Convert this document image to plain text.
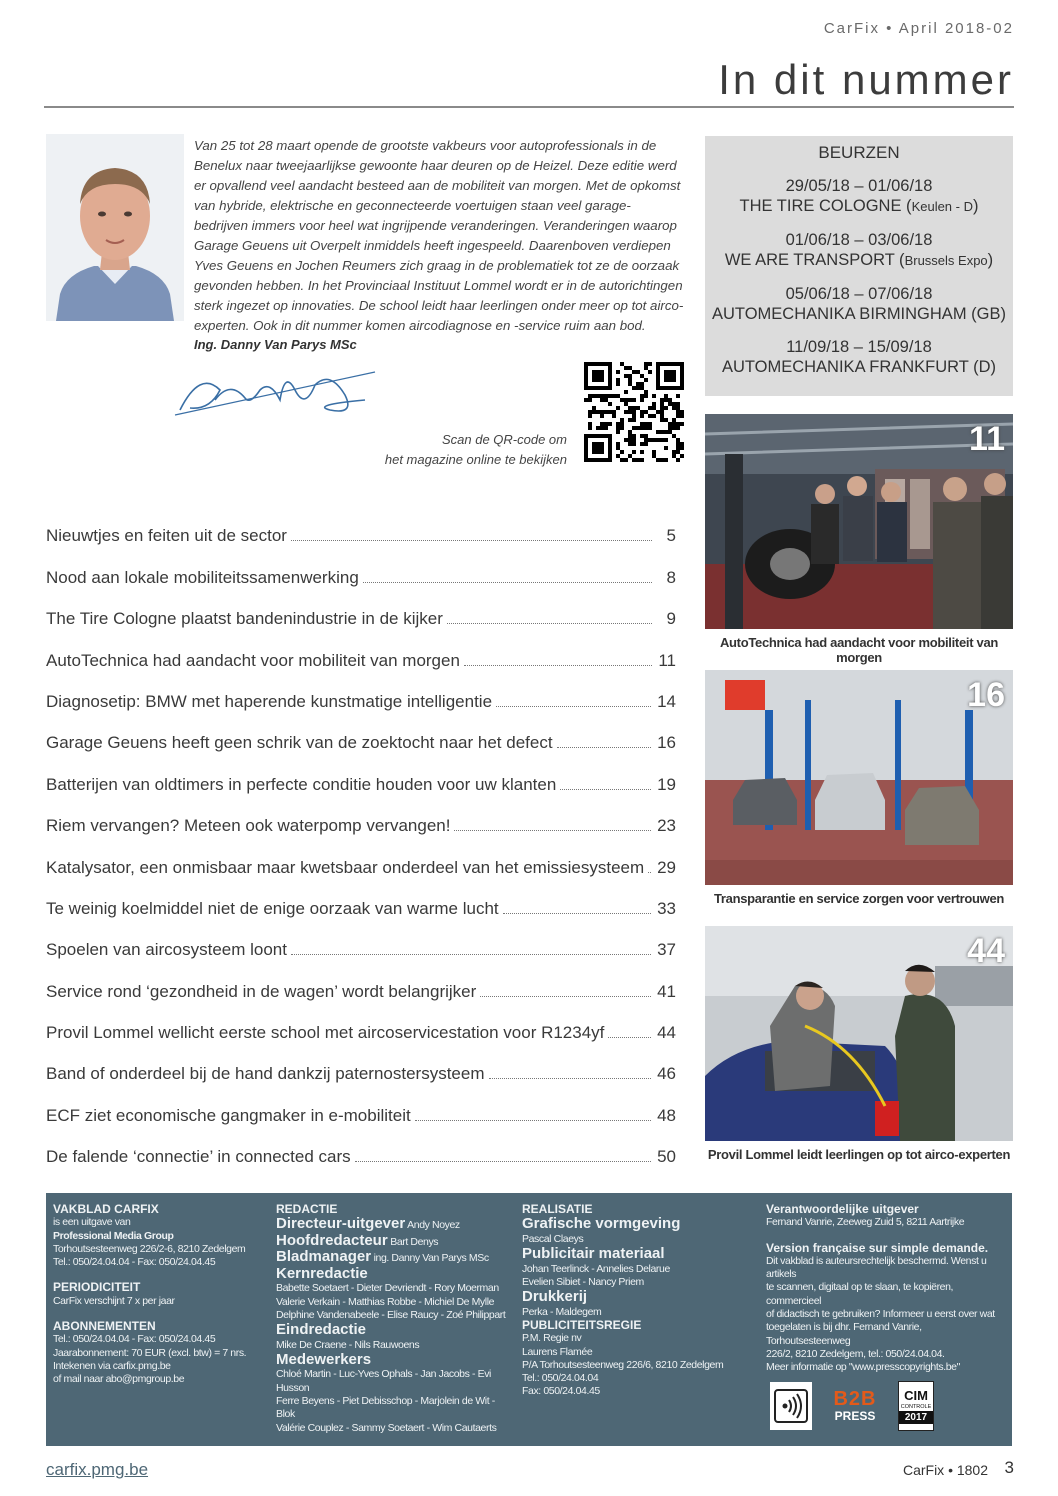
CarFix • April 2018-02
In dit nummer

Van 25 tot 28 maart opende de grootste vakbeurs voor autoprofessionals in de Benelux naar tweejaarlijkse gewoonte haar deuren op de Heizel. Deze editie werd er opvallend veel aandacht besteed aan de mobiliteit van morgen. Met de opkomst van hybride, elektrische en geconnecteerde voertuigen staan veel garage-bedrijven immers voor heel wat ingrijpende veranderingen. Veranderingen waarop Garage Geuens uit Overpelt inmiddels heeft ingespeeld. Daarenboven verdiepen Yves Geuens en Jochen Reumers zich graag in de problematiek tot ze de oorzaak gevonden hebben. In het Provinciaal Instituut Lommel wordt er in de autorichtingen sterk ingezet op innovaties. De school leidt haar leerlingen onder meer op tot airco-experten. Ook in dit nummer komen aircodiagnose en -service ruim aan bod.

Ing. Danny Van Parys MSc
Scan de QR-code om
het magazine online te bekijken
Nieuwtjes en feiten uit de sector	5
Nood aan lokale mobiliteitssamenwerking	8
The Tire Cologne plaatst bandenindustrie in de kijker	9
AutoTechnica had aandacht voor mobiliteit van morgen	11
Diagnosetip: BMW met haperende kunstmatige intelligentie	14
Garage Geuens heeft geen schrik van de zoektocht naar het defect	16
Batterijen van oldtimers in perfecte conditie houden voor uw klanten	19
Riem vervangen? Meteen ook waterpomp vervangen!	23
Katalysator, een onmisbaar maar kwetsbaar onderdeel van het emissiesysteem 29
Te weinig koelmiddel niet de enige oorzaak van warme lucht	33
Spoelen van aircosysteem loont	37
Service rond ‘gezondheid in de wagen’ wordt belangrijker	41
Provil Lommel wellicht eerste school met aircoservicestation voor R1234yf	44
Band of onderdeel bij de hand dankzij paternostersysteem	46
ECF ziet economische gangmaker in e-mobiliteit	48
De falende ‘connectie’ in connected cars	50
BEURZEN
29/05/18 – 01/06/18
THE TIRE COLOGNE (Keulen - D)
01/06/18 – 03/06/18
WE ARE TRANSPORT (Brussels Expo)
05/06/18 – 07/06/18
AUTOMECHANIKA BIRMINGHAM (GB)
11/09/18 – 15/09/18
AUTOMECHANIKA FRANKFURT (D)
11
AutoTechnica had aandacht voor mobiliteit van morgen
16
Transparantie en service zorgen voor vertrouwen
44
Provil Lommel leidt leerlingen op tot airco-experten
VAKBLAD CARFIX
is een uitgave van
Professional Media Group
Torhoutsesteenweg 226/2-6, 8210 Zedelgem
Tel.: 050/24.04.04 - Fax: 050/24.04.45
PERIODICITEIT
CarFix verschijnt 7 x per jaar
ABONNEMENTEN
Tel.: 050/24.04.04 - Fax: 050/24.04.45
Jaarabonnement: 70 EUR (excl. btw) = 7 nrs.
Intekenen via carfix.pmg.be
of mail naar abo@pmgroup.be
REDACTIE
Directeur-uitgever Andy Noyez
Hoofdredacteur Bart Denys
Bladmanager ing. Danny Van Parys MSc
Kernredactie
Babette Soetaert - Dieter Devriendt - Rory Moerman
Valerie Verkain - Matthias Robbe - Michiel De Mylle
Delphine Vandenabeele - Elise Raucy - Zoé Philippart
Eindredactie
Mike De Craene - Nils Rauwoens
Medewerkers
Chloé Martin - Luc-Yves Ophals - Jan Jacobs - Evi Husson
Ferre Beyens - Piet Debisschop - Marjolein de Wit - Blok
Valérie Couplez - Sammy Soetaert - Wim Cautaerts
REALISATIE
Grafische vormgeving
Pascal Claeys
Publicitair materiaal
Johan Teerlinck - Annelies Delarue
Evelien Sibiet - Nancy Priem
Drukkerij
Perka - Maldegem
PUBLICITEITSREGIE
P.M. Regie nv
Laurens Flamée
P/A Torhoutsesteenweg 226/6, 8210 Zedelgem
Tel.: 050/24.04.04
Fax: 050/24.04.45
Verantwoordelijke uitgever
Fernand Vanrie, Zeeweg Zuid 5, 8211 Aartrijke
Version française sur simple demande.
Dit vakblad is auteursrechtelijk beschermd. Wenst u artikels
te scannen, digitaal op te slaan, te kopiëren, commercieel
of didactisch te gebruiken? Informeer u eerst over wat
toegelaten is bij dhr. Fernand Vanrie, Torhoutsesteenweg
226/2, 8210 Zedelgem, tel.: 050/24.04.04.
Meer informatie op "www.presscopyrights.be"
B2B
PRESS
CIM
CONTROLE
2017
carfix.pmg.be	CarFix • 1802 3
